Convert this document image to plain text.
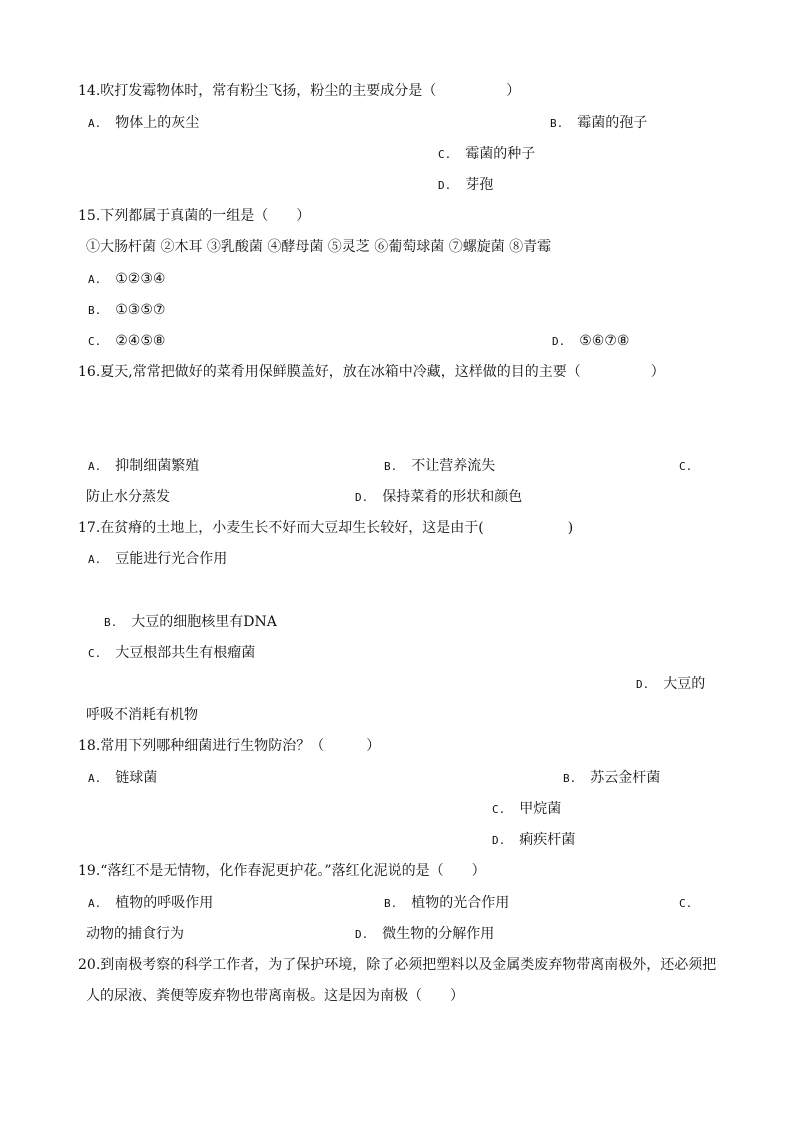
14.吹打发霉物体时，常有粉尘飞扬，粉尘的主要成分是（　　　　　）
A. 物体上的灰尘	B. 霉菌的孢子
C. 霉菌的种子
D. 芽孢
15.下列都属于真菌的一组是（　　）
①大肠杆菌 ②木耳 ③乳酸菌 ④酵母菌 ⑤灵芝 ⑥葡萄球菌 ⑦螺旋菌 ⑧青霉
A. ①②③④
B. ①③⑤⑦
C. ②④⑤⑧	D. ⑤⑥⑦⑧
16.夏天,常常把做好的菜肴用保鲜膜盖好，放在冰箱中冷藏，这样做的目的主要（　　　　　）
A. 抑制细菌繁殖	B. 不让营养流失	C.
防止水分蒸发	D. 保持菜肴的形状和颜色
17.在贫瘠的土地上，小麦生长不好而大豆却生长较好，这是由于(　　　　　　)
A. 豆能进行光合作用
B. 大豆的细胞核里有DNA
C. 大豆根部共生有根瘤菌
D. 大豆的
呼吸不消耗有机物
18.常用下列哪种细菌进行生物防治？（　　　）
A. 链球菌	B. 苏云金杆菌
C. 甲烷菌
D. 痢疾杆菌
19.“落红不是无情物，化作春泥更护花。”落红化泥说的是（　　）
A. 植物的呼吸作用	B. 植物的光合作用	C.
动物的捕食行为	D. 微生物的分解作用
20.到南极考察的科学工作者，为了保护环境，除了必须把塑料以及金属类废弃物带离南极外，还必须把
人的尿液、粪便等废弃物也带离南极。这是因为南极（　　）
